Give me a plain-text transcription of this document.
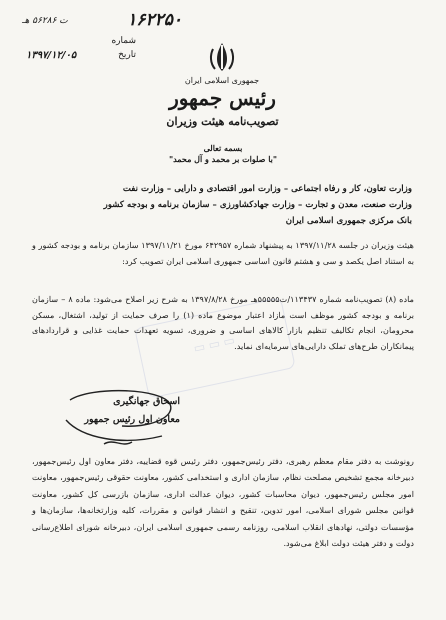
ت ۵۶۲۸۶ هـ	۱۶۲۲۵۰
شماره
تاریخ
۱۳۹۷/۱۲/۰۵
جمهوری اسلامی ایران
رئیس جمهور
تصویب‌نامه هیئت وزیران
بسمه تعالی
"با صلوات بر محمد و آل محمد"
وزارت تعاون، کار و رفاه اجتماعی – وزارت امور اقتصادی و دارایی – وزارت نفت
وزارت صنعت، معدن و تجارت – وزارت جهادکشاورزی – سازمان برنامه و بودجه کشور
بانک مرکزی جمهوری اسلامی ایران
هیئت وزیران در جلسه ۱۳۹۷/۱۱/۲۸ به پیشنهاد شماره ۶۴۲۹۵۷ مورخ ۱۳۹۷/۱۱/۲۱ سازمان برنامه و بودجه کشور و به استناد اصل یکصد و سی و هشتم قانون اساسی جمهوری اسلامی ایران تصویب کرد:
ماده (۸) تصویب‌نامه شماره ۱۱۳۴۳۷/ت۵۵۵۵۵هـ مورخ ۱۳۹۷/۸/۲۸ به شرح زیر اصلاح می‌شود: ماده ۸ – سازمان برنامه و بودجه کشور موظف است مازاد اعتبار موضوع ماده (۱) را صرف حمایت از تولید، اشتغال، مسکن محرومان، انجام تکالیف تنظیم بازار کالاهای اساسی و ضروری، تسویه تعهدات حمایت غذایی و قراردادهای پیمانکاران طرح‌های تملک دارایی‌های سرمایه‌ای نماید.
▭ ▭ ▭
اسحاق جهانگیری
معاون اول رئیس جمهور
رونوشت به دفتر مقام معظم رهبری، دفتر رئیس‌جمهور، دفتر رئیس قوه قضاییه، دفتر معاون اول رئیس‌جمهور، دبیرخانه مجمع تشخیص مصلحت نظام، سازمان اداری و استخدامی کشور، معاونت حقوقی رئیس‌جمهور، معاونت امور مجلس رئیس‌جمهور، دیوان محاسبات کشور، دیوان عدالت اداری، سازمان بازرسی کل کشور، معاونت قوانین مجلس شورای اسلامی، امور تدوین، تنقیح و انتشار قوانین و مقررات، کلیه وزارتخانه‌ها، سازمان‌ها و مؤسسات دولتی، نهادهای انقلاب اسلامی، روزنامه رسمی جمهوری اسلامی ایران، دبیرخانه شورای اطلاع‌رسانی دولت و دفتر هیئت دولت ابلاغ می‌شود.
